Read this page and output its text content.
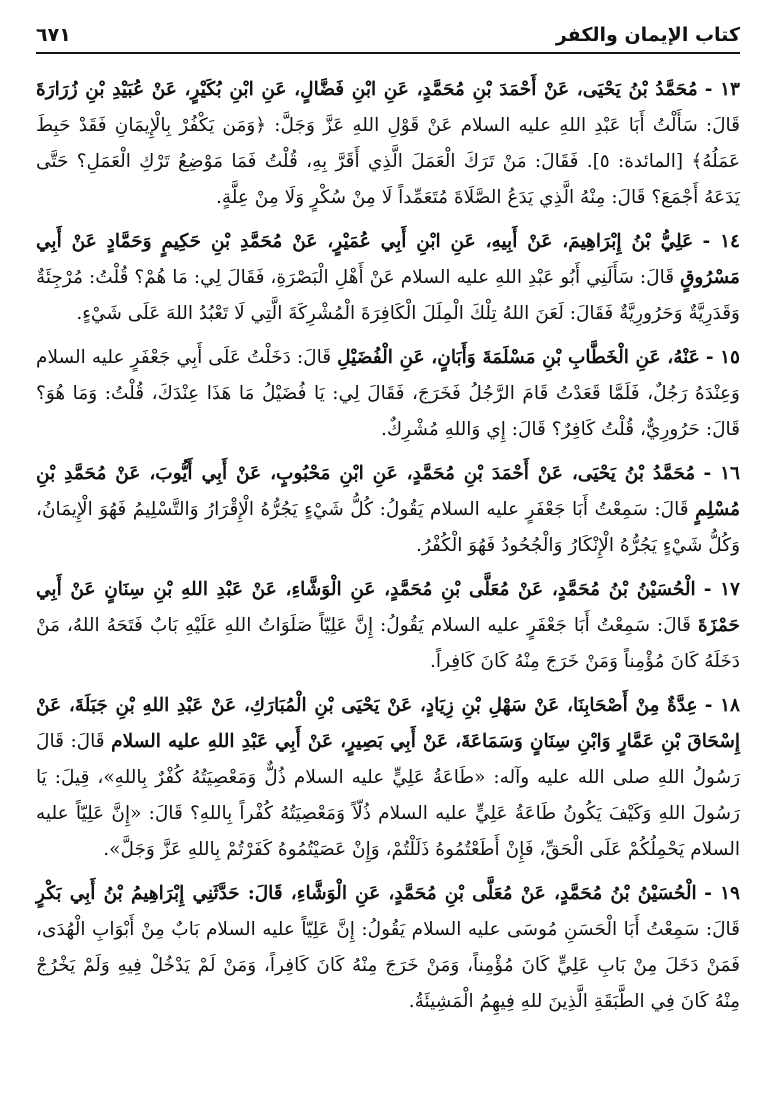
كتاب الإيمان والكفر
٦٧١

١٣ - مُحَمَّدُ بْنُ يَحْيَى، عَنْ أَحْمَدَ بْنِ مُحَمَّدٍ، عَنِ ابْنِ فَضَّالٍ، عَنِ ابْنِ بُكَيْرٍ، عَنْ عُبَيْدِ بْنِ زُرَارَةَ قَالَ: سَأَلْتُ أَبَا عَبْدِ اللهِ عليه السلام عَنْ قَوْلِ اللهِ عَزَّ وَجَلَّ: ﴿وَمَن يَكْفُرْ بِالْإِيمَانِ فَقَدْ حَبِطَ عَمَلُهُ﴾ [المائدة: ٥]. فَقَالَ: مَنْ تَرَكَ الْعَمَلَ الَّذِي أَقَرَّ بِهِ، قُلْتُ فَمَا مَوْضِعُ تَرْكِ الْعَمَلِ؟ حَتَّى يَدَعَهُ أَجْمَعَ؟ قَالَ: مِنْهُ الَّذِي يَدَعُ الصَّلَاةَ مُتَعَمِّداً لَا مِنْ سُكْرٍ وَلَا مِنْ عِلَّةٍ.

١٤ - عَلِيُّ بْنُ إِبْرَاهِيمَ، عَنْ أَبِيهِ، عَنِ ابْنِ أَبِي عُمَيْرٍ، عَنْ مُحَمَّدِ بْنِ حَكِيمٍ وَحَمَّادٍ عَنْ أَبِي مَسْرُوقٍ قَالَ: سَأَلَنِي أَبُو عَبْدِ اللهِ عليه السلام عَنْ أَهْلِ الْبَصْرَةِ، فَقَالَ لِي: مَا هُمْ؟ قُلْتُ: مُرْجِئَةٌ وَقَدَرِيَّةٌ وَحَرُورِيَّةٌ فَقَالَ: لَعَنَ اللهُ تِلْكَ الْمِلَلَ الْكَافِرَةَ الْمُشْرِكَةَ الَّتِي لَا تَعْبُدُ اللهَ عَلَى شَيْءٍ.

١٥ - عَنْهُ، عَنِ الْخَطَّابِ بْنِ مَسْلَمَةَ وَأَبَانٍ، عَنِ الْفُضَيْلِ قَالَ: دَخَلْتُ عَلَى أَبِي جَعْفَرٍ عليه السلام وَعِنْدَهُ رَجُلٌ، فَلَمَّا قَعَدْتُ قَامَ الرَّجُلُ فَخَرَجَ، فَقَالَ لِي: يَا فُضَيْلُ مَا هَذَا عِنْدَكَ، قُلْتُ: وَمَا هُوَ؟ قَالَ: حَرُورِيٌّ، قُلْتُ كَافِرٌ؟ قَالَ: إِي وَاللهِ مُشْرِكٌ.

١٦ - مُحَمَّدُ بْنُ يَحْيَى، عَنْ أَحْمَدَ بْنِ مُحَمَّدٍ، عَنِ ابْنِ مَحْبُوبٍ، عَنْ أَبِي أَيُّوبَ، عَنْ مُحَمَّدِ بْنِ مُسْلِمٍ قَالَ: سَمِعْتُ أَبَا جَعْفَرٍ عليه السلام يَقُولُ: كُلُّ شَيْءٍ يَجُرُّهُ الْإِقْرَارُ وَالتَّسْلِيمُ فَهُوَ الْإِيمَانُ، وَكُلُّ شَيْءٍ يَجُرُّهُ الْإِنْكَارُ وَالْجُحُودُ فَهُوَ الْكُفْرُ.

١٧ - الْحُسَيْنُ بْنُ مُحَمَّدٍ، عَنْ مُعَلَّى بْنِ مُحَمَّدٍ، عَنِ الْوَشَّاءِ، عَنْ عَبْدِ اللهِ بْنِ سِنَانٍ عَنْ أَبِي حَمْزَةَ قَالَ: سَمِعْتُ أَبَا جَعْفَرٍ عليه السلام يَقُولُ: إِنَّ عَلِيّاً صَلَوَاتُ اللهِ عَلَيْهِ بَابٌ فَتَحَهُ اللهُ، مَنْ دَخَلَهُ كَانَ مُؤْمِناً وَمَنْ خَرَجَ مِنْهُ كَانَ كَافِراً.

١٨ - عِدَّةٌ مِنْ أَصْحَابِنَا، عَنْ سَهْلِ بْنِ زِيَادٍ، عَنْ يَحْيَى بْنِ الْمُبَارَكِ، عَنْ عَبْدِ اللهِ بْنِ جَبَلَةَ، عَنْ إِسْحَاقَ بْنِ عَمَّارٍ وَابْنِ سِنَانٍ وَسَمَاعَةَ، عَنْ أَبِي بَصِيرٍ، عَنْ أَبِي عَبْدِ اللهِ عليه السلام قَالَ: قَالَ رَسُولُ اللهِ صلى الله عليه وآله: «طَاعَةُ عَلِيٍّ عليه السلام ذُلٌّ وَمَعْصِيَتُهُ كُفْرٌ بِاللهِ»، قِيلَ: يَا رَسُولَ اللهِ وَكَيْفَ يَكُونُ طَاعَةُ عَلِيٍّ عليه السلام ذُلّاً وَمَعْصِيَتُهُ كُفْراً بِاللهِ؟ قَالَ: «إِنَّ عَلِيّاً عليه السلام يَحْمِلُكُمْ عَلَى الْحَقِّ، فَإِنْ أَطَعْتُمُوهُ ذَلَلْتُمْ، وَإِنْ عَصَيْتُمُوهُ كَفَرْتُمْ بِاللهِ عَزَّ وَجَلَّ».

١٩ - الْحُسَيْنُ بْنُ مُحَمَّدٍ، عَنْ مُعَلَّى بْنِ مُحَمَّدٍ، عَنِ الْوَشَّاءِ، قَالَ: حَدَّثَنِي إِبْرَاهِيمُ بْنُ أَبِي بَكْرٍ قَالَ: سَمِعْتُ أَبَا الْحَسَنِ مُوسَى عليه السلام يَقُولُ: إِنَّ عَلِيّاً عليه السلام بَابٌ مِنْ أَبْوَابِ الْهُدَى، فَمَنْ دَخَلَ مِنْ بَابِ عَلِيٍّ كَانَ مُؤْمِناً، وَمَنْ خَرَجَ مِنْهُ كَانَ كَافِراً، وَمَنْ لَمْ يَدْخُلْ فِيهِ وَلَمْ يَخْرُجْ مِنْهُ كَانَ فِي الطَّبَقَةِ الَّذِينَ للهِ فِيهِمُ الْمَشِيئَةُ.
